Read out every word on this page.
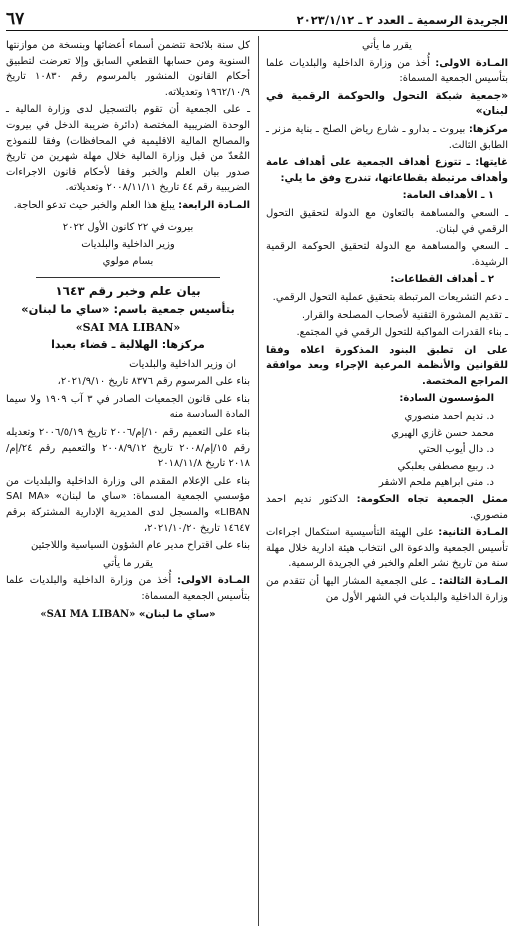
الجريدة الرسمية ـ العدد ٢ ـ ٢٠٢٣/١/١٢
٦٧

يقرر ما يأتي

المـادة الاولى: أُخذ من وزارة الداخلية والبلديات علما بتأسيس الجمعية المسماة:

«جمعية شبكة التحول والحوكمة الرقمية في لبنان»

مركزها: بيروت ـ بدارو ـ شارع رياض الصلح ـ بناية مزنر ـ الطابق الثالث.

غايتها: ـ تتوزع أهداف الجمعية على أهداف عامة وأهداف مرتبطة بقطاعاتها، تندرج وفق ما يلي:

١ ـ الأهداف العامة:

ـ السعي والمساهمة بالتعاون مع الدولة لتحقيق التحول الرقمي في لبنان.

ـ السعي والمساهمة مع الدولة لتحقيق الحوكمة الرقمية الرشيدة.

٢ ـ أهداف القطاعات:

ـ دعم التشريعات المرتبطة بتحقيق عملية التحول الرقمي.

ـ تقديم المشورة التقنية لأصحاب المصلحة والقرار.

ـ بناء القدرات المواكبة للتحول الرقمي في المجتمع.

على ان تطبق البنود المذكورة اعلاه وفقا للقوانين والأنظمة المرعية الإجراء وبعد موافقة المراجع المختصة.

المؤسسون السادة:

د. نديم احمد منصوري

محمد حسن غازي الهبري

د. دال أيوب الحتي

د. ربيع مصطفى بعلبكي

د. منى ابراهيم ملحم الاشقر

ممثل الجمعية تجاه الحكومة: الدكتور نديم احمد منصوري.

المـادة الثانية: على الهيئة التأسيسية استكمال اجراءات تأسيس الجمعية والدعوة الى انتخاب هيئة ادارية خلال مهلة سنة من تاريخ نشر العلم والخبر في الجريدة الرسمية.

المـادة الثالثة: ـ على الجمعية المشار اليها أن تتقدم من وزارة الداخلية والبلديات في الشهر الأول من

كل سنة بلائحة تتضمن أسماء أعضائها وبنسخة من موازنتها السنوية ومن حسابها القطعي السابق وإلا تعرضت لتطبيق أحكام القانون المنشور بالمرسوم رقم ١٠٨٣٠ تاريخ ١٩٦٢/١٠/٩ وتعديلاته.

ـ على الجمعية أن تقوم بالتسجيل لدى وزارة المالية ـ الوحدة الضريبية المختصة (دائرة ضريبة الدخل في بيروت والمصالح المالية الاقليمية في المحافظات) وفقا للنموذج المُعدّ من قبل وزارة المالية خلال مهلة شهرين من تاريخ صدور بيان العلم والخبر وفقا لأحكام قانون الاجراءات الضريبية رقم ٤٤ تاريخ ٢٠٠٨/١١/١١ وتعديلاته.

المـادة الرابعة: يبلغ هذا العلم والخبر حيث تدعو الحاجة.

بيروت في ٢٢ كانون الأول ٢٠٢٢

وزير الداخلية والبلديات

بسام مولوي

بيان علم وخبر رقم ١٦٤٣

بتأسيس جمعية باسم: «ساي ما لبنان»

«SAI MA LIBAN»

مركزها: الهلالية ـ قضاء بعبدا

ان وزير الداخلية والبلديات

بناء على المرسوم رقم ٨٣٧٦ تاريخ ٢٠٢١/٩/١٠،

بناء على قانون الجمعيات الصادر في ٣ آب ١٩٠٩ ولا سيما المادة السادسة منه

بناء على التعميم رقم ١٠/إم/٢٠٠٦ تاريخ ٢٠٠٦/٥/١٩ وتعديله رقم ١٥/إم/٢٠٠٨ تاريخ ٢٠٠٨/٩/١٢ والتعميم رقم ٢٤/إم/٢٠١٨ تاريخ ٢٠١٨/١١/٨

بناء على الإعلام المقدم الى وزارة الداخلية والبلديات من مؤسسي الجمعية المسماة: «ساي ما لبنان» «SAI MA LIBAN» والمسجل لدى المديرية الإدارية المشتركة برقم ١٤٦٤٧ تاريخ ٢٠٢١/١٠/٢٠،

بناء على اقتراح مدير عام الشؤون السياسية واللاجئين

يقرر ما يأتي

المـادة الاولى: أُخذ من وزارة الداخلية والبلديات علما بتأسيس الجمعية المسماة:

«ساي ما لبنان» «SAI MA LIBAN»
